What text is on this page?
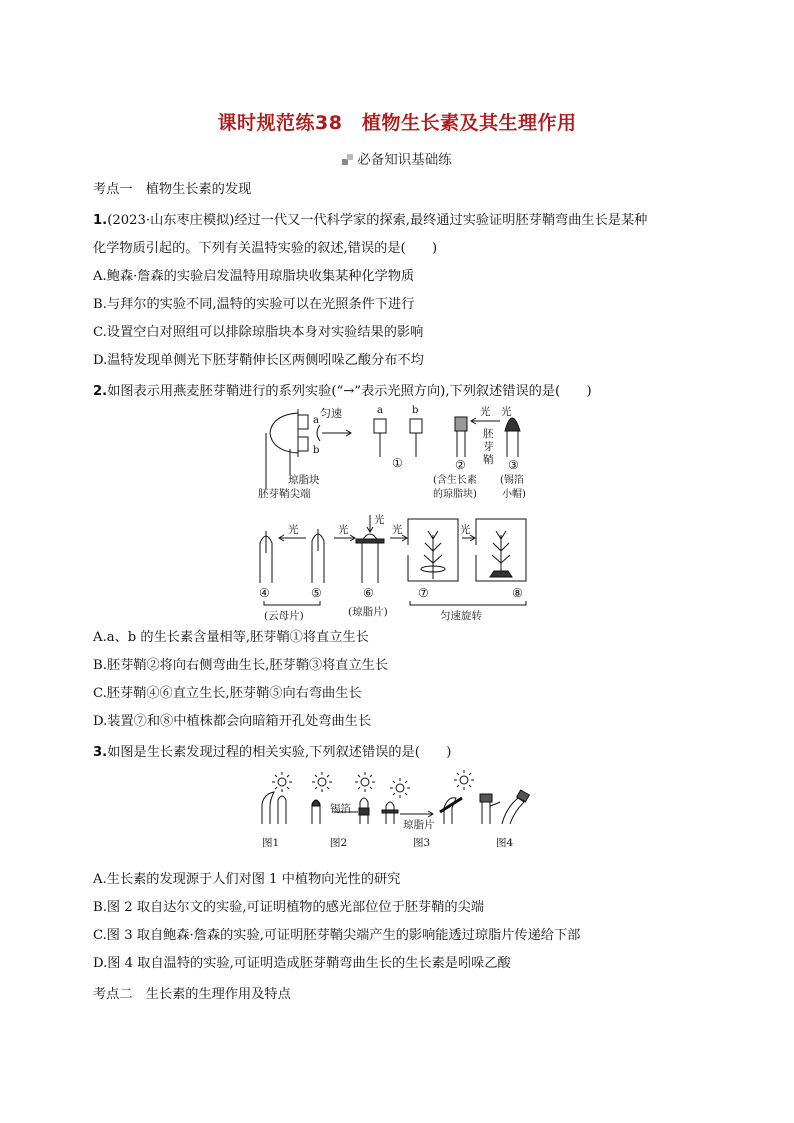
课时规范练38　植物生长素及其生理作用
必备知识基础练
考点一　植物生长素的发现
1.(2023·山东枣庄模拟)经过一代又一代科学家的探索,最终通过实验证明胚芽鞘弯曲生长是某种
化学物质引起的。下列有关温特实验的叙述,错误的是(　　)
A.鲍森·詹森的实验启发温特用琼脂块收集某种化学物质
B.与拜尔的实验不同,温特的实验可以在光照条件下进行
C.设置空白对照组可以排除琼脂块本身对实验结果的影响
D.温特发现单侧光下胚芽鞘伸长区两侧吲哚乙酸分布不均
2.如图表示用燕麦胚芽鞘进行的系列实验(“→”表示光照方向),下列叙述错误的是(　　)
a
b
匀速
琼脂块
胚芽鞘尖端
a	b
①
光 光
胚
芽
鞘
②	③
(含生长素
的琼脂块)
(锡箔
小帽)
光
④	⑤
(云母片)
光
光
⑥
(琼脂片)
光	光
⑦	⑧
匀速旋转
A.a、b 的生长素含量相等,胚芽鞘①将直立生长
B.胚芽鞘②将向右侧弯曲生长,胚芽鞘③将直立生长
C.胚芽鞘④⑥直立生长,胚芽鞘⑤向右弯曲生长
D.装置⑦和⑧中植株都会向暗箱开孔处弯曲生长
3.如图是生长素发现过程的相关实验,下列叙述错误的是(　　)
图1
锡箔
图2
琼脂片
图3	图4
A.生长素的发现源于人们对图 1 中植物向光性的研究
B.图 2 取自达尔文的实验,可证明植物的感光部位位于胚芽鞘的尖端
C.图 3 取自鲍森·詹森的实验,可证明胚芽鞘尖端产生的影响能透过琼脂片传递给下部
D.图 4 取自温特的实验,可证明造成胚芽鞘弯曲生长的生长素是吲哚乙酸
考点二　生长素的生理作用及特点
